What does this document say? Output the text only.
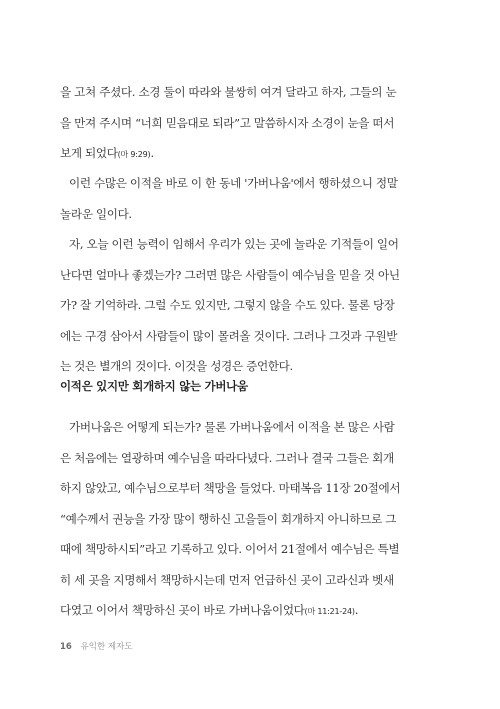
을 고쳐 주셨다. 소경 둘이 따라와 불쌍히 여겨 달라고 하자, 그들의 눈
을 만져 주시며 “너희 믿음대로 되라”고 말씀하시자 소경이 눈을 떠서
보게 되었다(마 9:29).

이런 수많은 이적을 바로 이 한 동네 '가버나움'에서 행하셨으니 정말
놀라운 일이다.

자, 오늘 이런 능력이 임해서 우리가 있는 곳에 놀라운 기적들이 일어
난다면 얼마나 좋겠는가? 그러면 많은 사람들이 예수님을 믿을 것 아닌
가? 잘 기억하라. 그럴 수도 있지만, 그렇지 않을 수도 있다. 물론 당장
에는 구경 삼아서 사람들이 많이 몰려올 것이다. 그러나 그것과 구원받
는 것은 별개의 것이다. 이것을 성경은 증언한다.

이적은 있지만 회개하지 않는 가버나움

가버나움은 어떻게 되는가? 물론 가버나움에서 이적을 본 많은 사람
은 처음에는 열광하며 예수님을 따라다녔다. 그러나 결국 그들은 회개
하지 않았고, 예수님으로부터 책망을 들었다. 마태복음 11장 20절에서
“예수께서 권능을 가장 많이 행하신 고을들이 회개하지 아니하므로 그
때에 책망하시되”라고 기록하고 있다. 이어서 21절에서 예수님은 특별
히 세 곳을 지명해서 책망하시는데 먼저 언급하신 곳이 고라신과 벳새
다였고 이어서 책망하신 곳이 바로 가버나움이었다(마 11:21-24).

16 유익한 제자도
